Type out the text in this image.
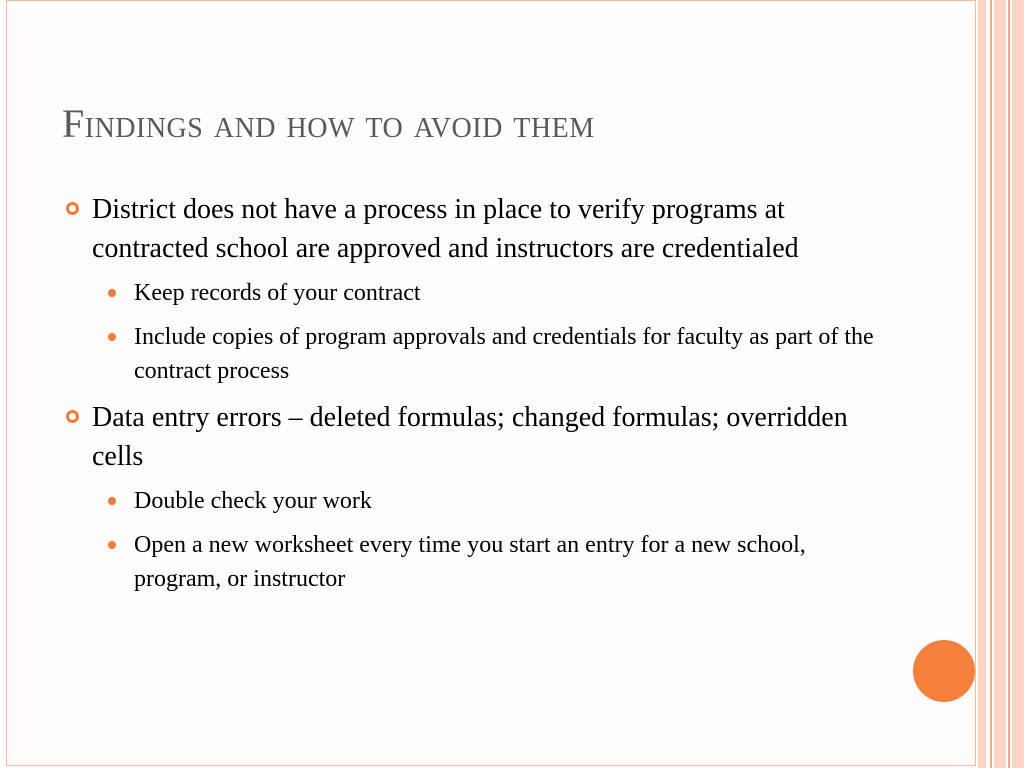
Findings and how to avoid them
District does not have a process in place to verify programs at contracted school are approved and instructors are credentialed
Keep records of your contract
Include copies of program approvals and credentials for faculty as part of the contract process
Data entry errors – deleted formulas; changed formulas; overridden cells
Double check your work
Open a new worksheet every time you start an entry for a new school, program, or instructor
